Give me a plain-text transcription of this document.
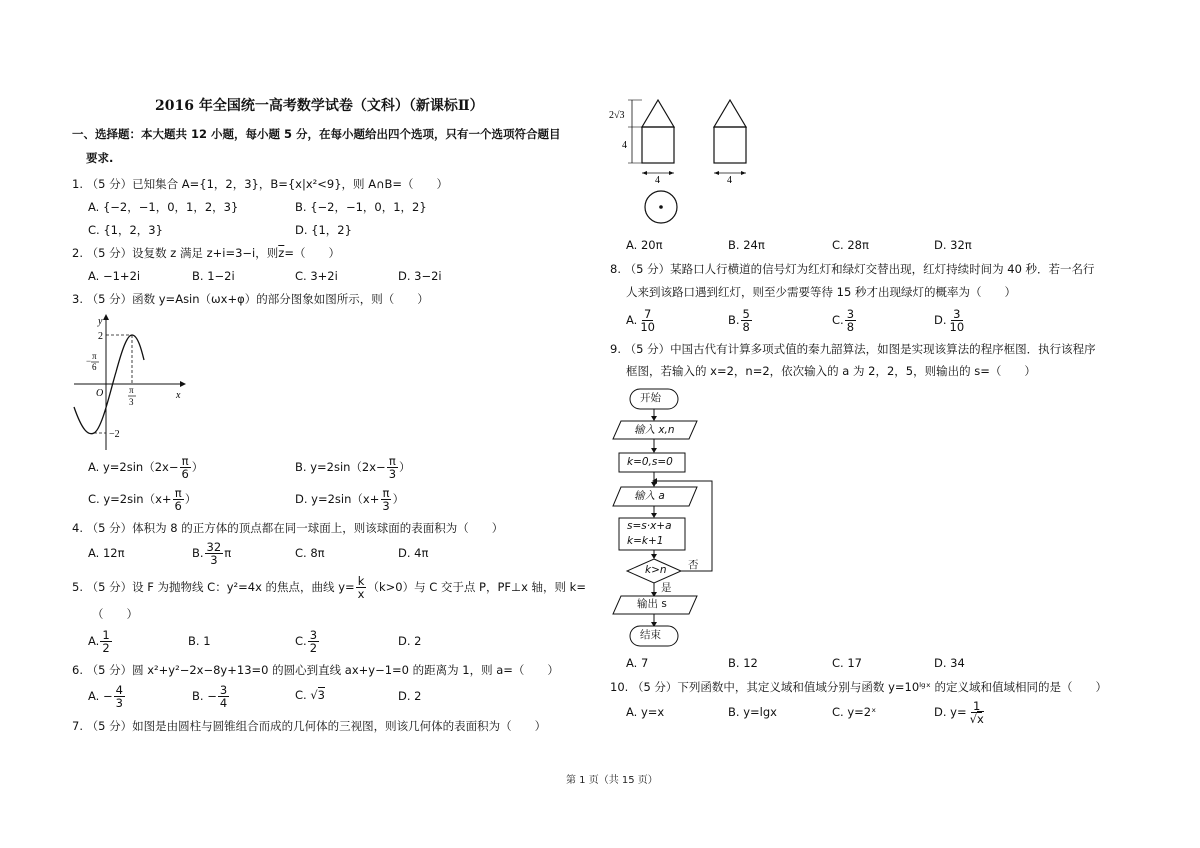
2016 年全国统一高考数学试卷（文科）（新课标Ⅱ）
一、选择题：本大题共 12 小题，每小题 5 分，在每小题给出四个选项，只有一个选项符合题目
要求.
1. （5 分）已知集合 A={1，2，3}，B={x|x²<9}，则 A∩B=（　　）
A. {−2，−1，0，1，2，3}	B. {−2，−1，0，1，2}
C. {1，2，3}	D. {1，2}
2. （5 分）设复数 z 满足 z+i=3−i，则$\overline{z}=$（　　）
A. −1+2i	B. 1−2i	C. 3+2i	D. 3−2i
3. （5 分）函数 y=Asin（ωx+φ）的部分图象如图所示，则（　　）
y
x
O
2
−2
− π
6
π
3
A. $y=2\sin(2x- \frac{\pi}{6}$ ）	B. $y=2\sin(2x- \frac{\pi}{3}$ ）
C. $y=2\sin(x+ \frac{\pi}{6}$ ）	D. $y=2\sin(x+ \frac{\pi}{3}$ ）
4. （5 分）体积为 8 的正方体的顶点都在同一球面上，则该球面的表面积为（　　）
A. 12π	B. $\frac{32}{3}$ π	C. 8π	D. 4π
5. （5 分）设 F 为抛物线 C：y²=4x 的焦点，曲线 $y= \frac{k}{x} (k>0)$与 C 交于点 P，PF⊥x 轴，则 k=
（　　）
A. $\frac{1}{2}$	B. 1	C. $\frac{3}{2}$	D. 2
6. （5 分）圆 x²+y²−2x−8y+13=0 的圆心到直线 ax+y−1=0 的距离为 1，则 a=（　　）
A. − $\frac{4}{3}$	B. − $\frac{3}{4}$	C. √3	D. 2
7. （5 分）如图是由圆柱与圆锥组合而成的几何体的三视图，则该几何体的表面积为（　　）
2√3
4
4	4
A. 20π	B. 24π	C. 28π	D. 32π
8. （5 分）某路口人行横道的信号灯为红灯和绿灯交替出现，红灯持续时间为 40 秒．若一名行
人来到该路口遇到红灯，则至少需要等待 15 秒才出现绿灯的概率为（　　）
A. $\frac{7}{10}$	B. $\frac{5}{8}$	C. $\frac{3}{8}$	D. $\frac{3}{10}$
9. （5 分）中国古代有计算多项式值的秦九韶算法，如图是实现该算法的程序框图．执行该程序
框图，若输入的 x=2，n=2，依次输入的 a 为 2，2，5，则输出的 s=（　　）
开始
输入 x,n
k=0,s=0
输入 a
s=s·x+a
k=k+1
k>n 否
是
输出 s
结束
A. 7	B. 12	C. 17	D. 34
10. （5 分）下列函数中，其定义域和值域分别与函数 y=10ˡᵍˣ 的定义域和值域相同的是（　　）
A. y=x	B. y=lgx	C. y=2ˣ	D. $y= \frac{1}{√x}$
第 1 页（共 15 页）
